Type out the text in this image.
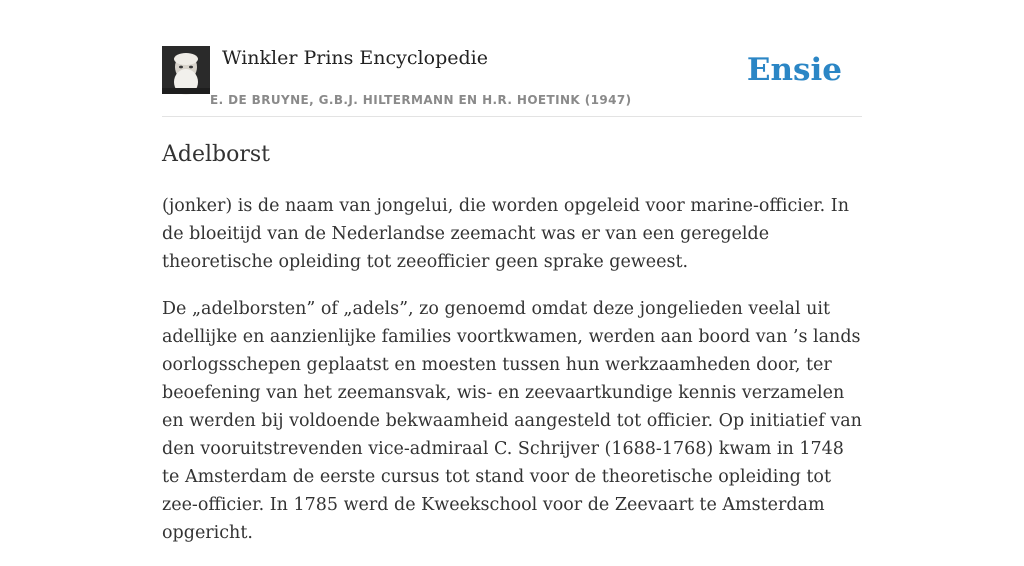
Winkler Prins Encyclopedie
E. DE BRUYNE, G.B.J. HILTERMANN EN H.R. HOETINK (1947)
Ensie
Adelborst

(jonker) is de naam van jongelui, die worden opgeleid voor marine-officier. In de bloeitijd van de Nederlandse zeemacht was er van een geregelde theoretische opleiding tot zeeofficier geen sprake geweest.

De „adelborsten” of „adels”, zo genoemd omdat deze jongelieden veelal uit adellijke en aanzienlijke families voortkwamen, werden aan boord van ’s lands oorlogsschepen geplaatst en moesten tussen hun werkzaamheden door, ter beoefening van het zeemansvak, wis- en zeevaartkundige kennis verzamelen en werden bij voldoende bekwaamheid aangesteld tot officier. Op initiatief van den vooruitstrevenden vice-admiraal C. Schrijver (1688-1768) kwam in 1748 te Amsterdam de eerste cursus tot stand voor de theoretische opleiding tot zee-officier. In 1785 werd de Kweekschool voor de Zeevaart te Amsterdam opgericht.
